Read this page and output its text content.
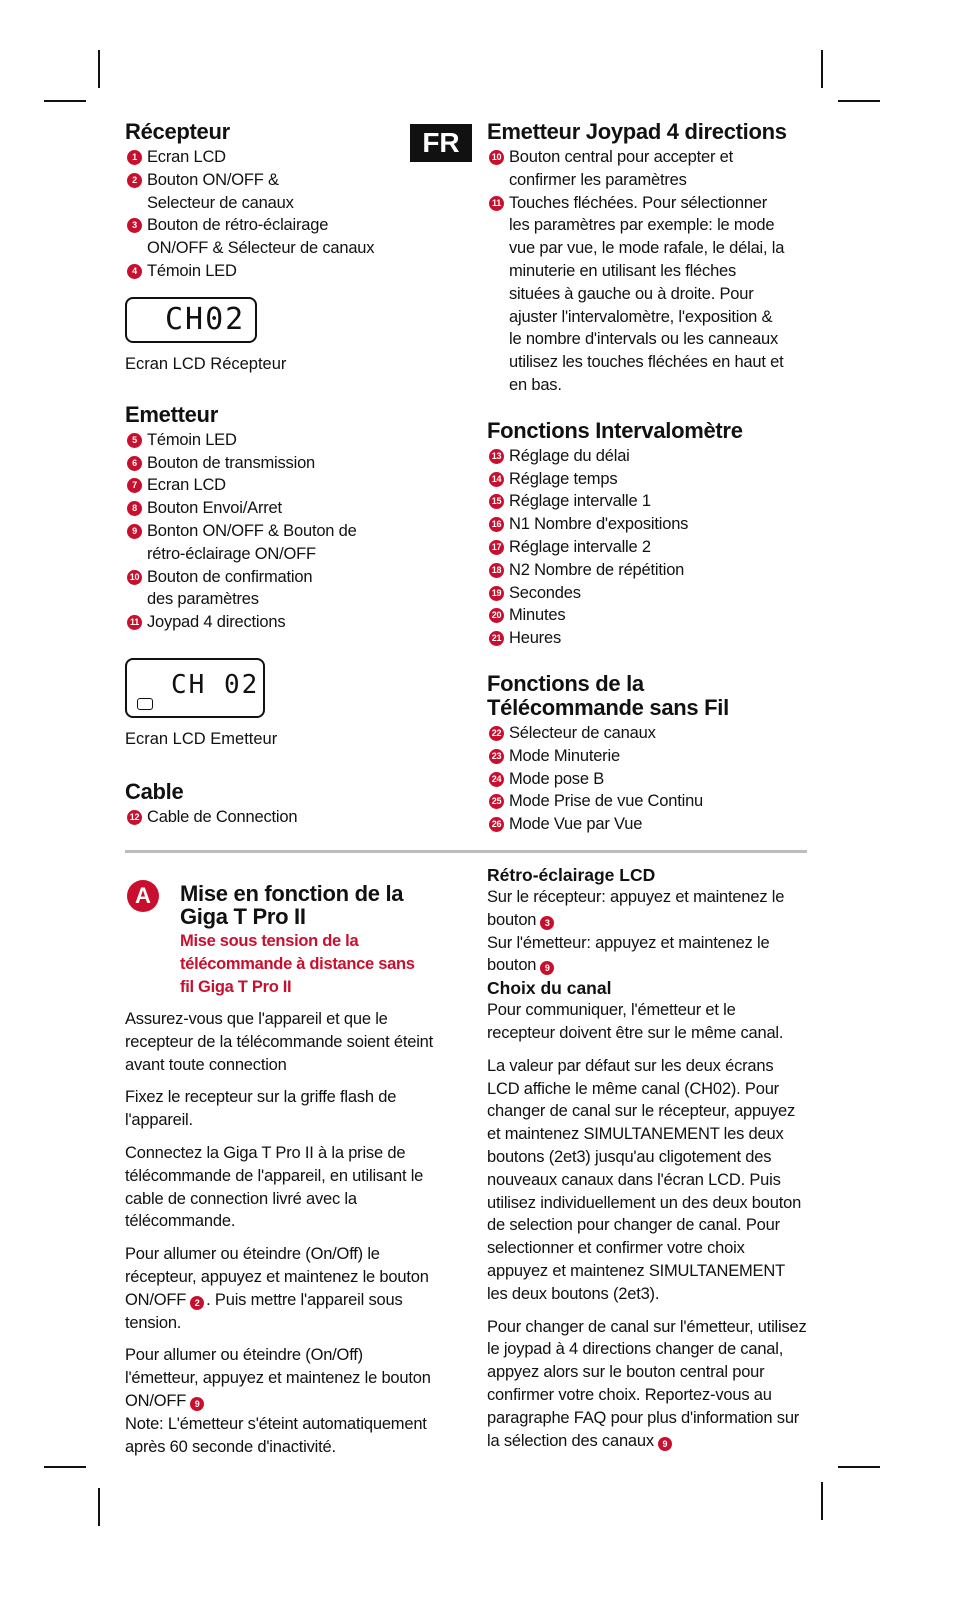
FR
Récepteur
1 Ecran LCD
2 Bouton ON/OFF &
Selecteur de canaux
3 Bouton de rétro-éclairage
ON/OFF & Sélecteur de canaux
4 Témoin LED
CH02

Ecran LCD Récepteur

Emetteur
5 Témoin LED
6 Bouton de transmission
7 Ecran LCD
8 Bouton Envoi/Arret
9 Bonton ON/OFF & Bouton de
rétro-éclairage ON/OFF
10 Bouton de confirmation
des paramètres
11 Joypad 4 directions
CH 02

Ecran LCD Emetteur

Cable
12 Cable de Connection
Emetteur Joypad 4 directions
10 Bouton central pour accepter et
confirmer les paramètres
11 Touches fléchées. Pour sélectionner
les paramètres par exemple: le mode
vue par vue, le mode rafale, le délai, la
minuterie en utilisant les fléches
situées à gauche ou à droite. Pour
ajuster l'intervalomètre, l'exposition &
le nombre d'intervals ou les canneaux
utilisez les touches fléchées en haut et
en bas.
Fonctions Intervalomètre
13 Réglage du délai
14 Réglage temps
15 Réglage intervalle 1
16 N1 Nombre d'expositions
17 Réglage intervalle 2
18 N2 Nombre de répétition
19 Secondes
20 Minutes
21 Heures
Fonctions de la
Télécommande sans Fil
22 Sélecteur de canaux
23 Mode Minuterie
24 Mode pose B
25 Mode Prise de vue Continu
26 Mode Vue par Vue
A	Mise en fonction de la
Giga T Pro II
Mise sous tension de la
télécommande à distance sans
fil Giga T Pro II

Assurez-vous que l'appareil et que le recepteur de la télécommande soient éteint avant toute connection

Fixez le recepteur sur la griffe flash de l'appareil.

Connectez la Giga T Pro II à la prise de télécommande de l'appareil, en utilisant le cable de connection livré avec la télécommande.

Pour allumer ou éteindre (On/Off) le récepteur, appuyez et maintenez le bouton ON/OFF 2 . Puis mettre l'appareil sous tension.

Pour allumer ou éteindre (On/Off) l'émetteur, appuyez et maintenez le bouton ON/OFF 9
Note: L'émetteur s'éteint automatiquement après 60 seconde d'inactivité.

Rétro-éclairage LCD

Sur le récepteur: appuyez et maintenez le bouton 3

Sur l'émetteur: appuyez et maintenez le bouton 9

Choix du canal

Pour communiquer, l'émetteur et le recepteur doivent être sur le même canal.

La valeur par défaut sur les deux écrans LCD affiche le même canal (CH02). Pour changer de canal sur le récepteur, appuyez et maintenez SIMULTANEMENT les deux boutons (2et3) jusqu'au cligotement des nouveaux canaux dans l'écran LCD. Puis utilisez individuellement un des deux bouton de selection pour changer de canal. Pour selectionner et confirmer votre choix appuyez et maintenez SIMULTANEMENT les deux boutons (2et3).

Pour changer de canal sur l'émetteur, utilisez le joypad à 4 directions changer de canal, appyez alors sur le bouton central pour confirmer votre choix. Reportez-vous au paragraphe FAQ pour plus d'information sur la sélection des canaux 9
